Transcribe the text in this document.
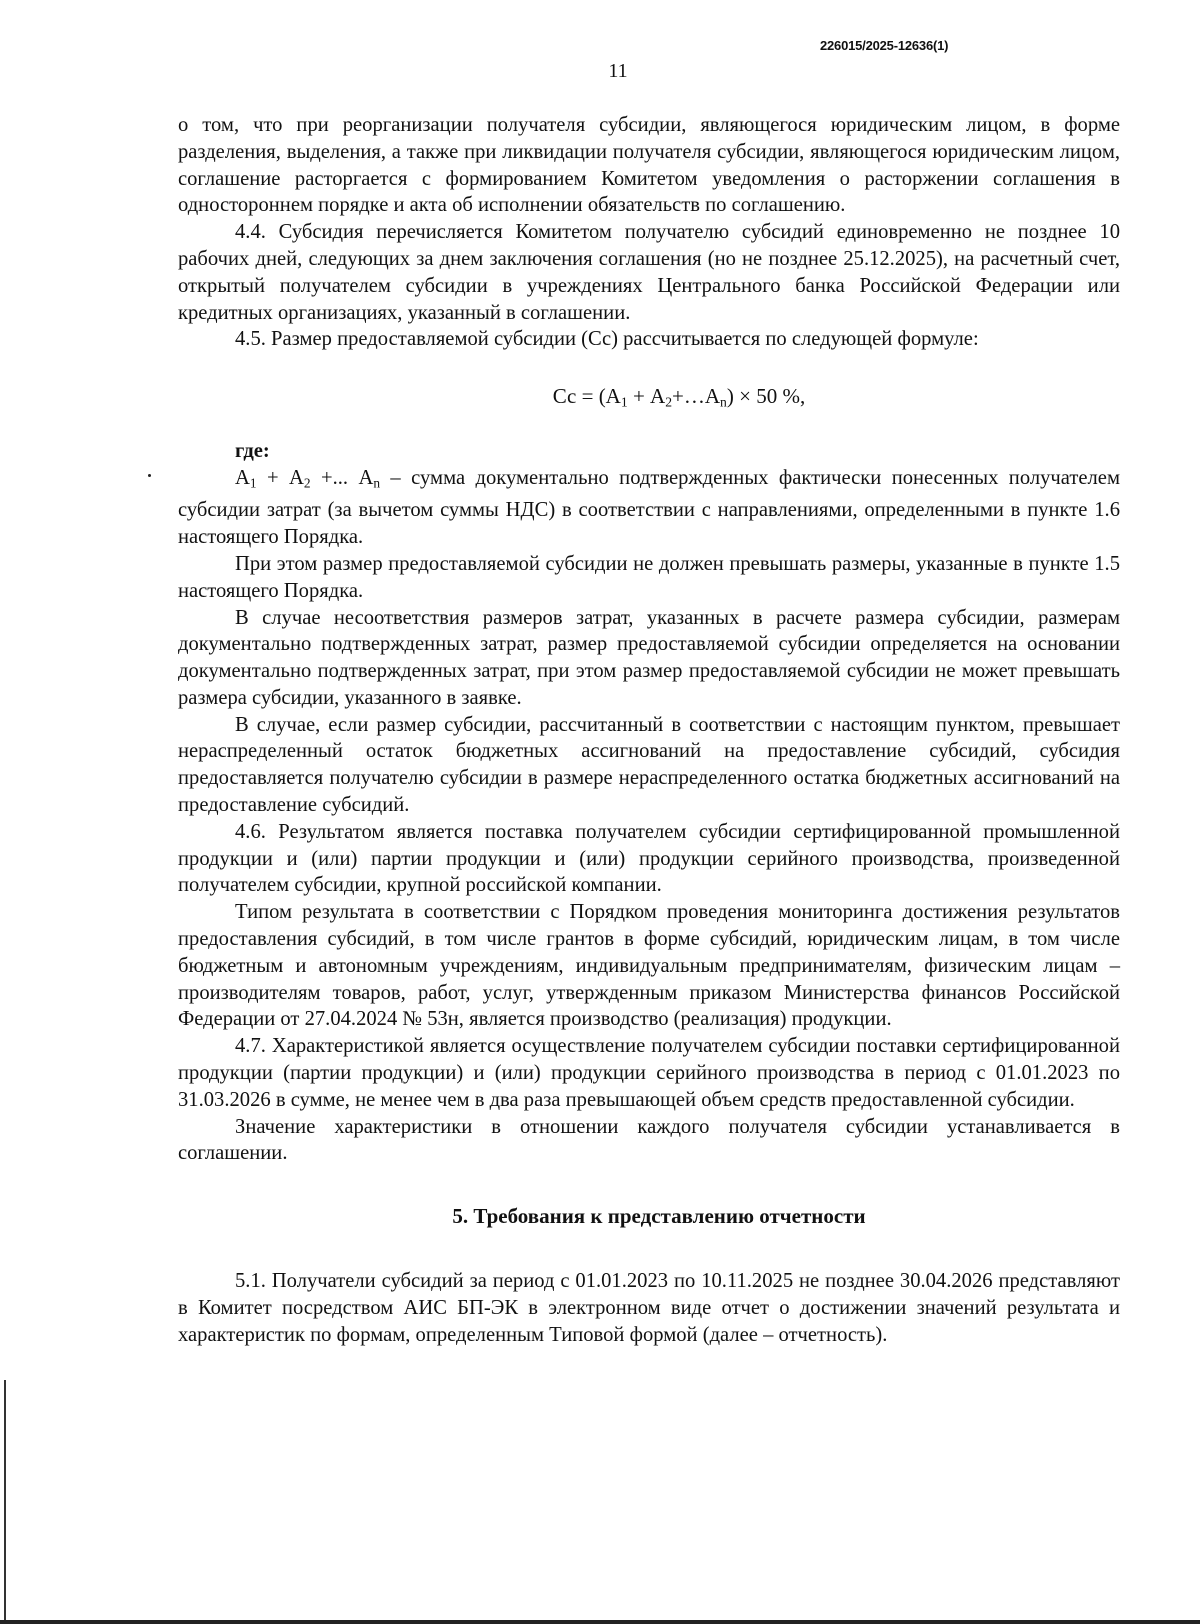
226015/2025-12636(1)
11

о том, что при реорганизации получателя субсидии, являющегося юридическим лицом, в форме разделения, выделения, а также при ликвидации получателя субсидии, являющегося юридическим лицом, соглашение расторгается с формированием Комитетом уведомления о расторжении соглашения в одностороннем порядке и акта об исполнении обязательств по соглашению.

4.4. Субсидия перечисляется Комитетом получателю субсидий единовременно не позднее 10 рабочих дней, следующих за днем заключения соглашения (но не позднее 25.12.2025), на расчетный счет, открытый получателем субсидии в учреждениях Центрального банка Российской Федерации или кредитных организациях, указанный в соглашении.

4.5. Размер предоставляемой субсидии (Сс) рассчитывается по следующей формуле:

Сс = ($А_1$ + $А_2+\dots А_n) \times 50$ %,
где:

$А_1 + А_2$ +... $А_n$ – сумма документально подтвержденных фактически понесенных получателем субсидии затрат (за вычетом суммы НДС) в соответствии с направлениями, определенными в пункте 1.6 настоящего Порядка.

При этом размер предоставляемой субсидии не должен превышать размеры, указанные в пункте 1.5 настоящего Порядка.

В случае несоответствия размеров затрат, указанных в расчете размера субсидии, размерам документально подтвержденных затрат, размер предоставляемой субсидии определяется на основании документально подтвержденных затрат, при этом размер предоставляемой субсидии не может превышать размера субсидии, указанного в заявке.

В случае, если размер субсидии, рассчитанный в соответствии с настоящим пунктом, превышает нераспределенный остаток бюджетных ассигнований на предоставление субсидий, субсидия предоставляется получателю субсидии в размере нераспределенного остатка бюджетных ассигнований на предоставление субсидий.

4.6. Результатом является поставка получателем субсидии сертифицированной промышленной продукции и (или) партии продукции и (или) продукции серийного производства, произведенной получателем субсидии, крупной российской компании.

Типом результата в соответствии с Порядком проведения мониторинга достижения результатов предоставления субсидий, в том числе грантов в форме субсидий, юридическим лицам, в том числе бюджетным и автономным учреждениям, индивидуальным предпринимателям, физическим лицам – производителям товаров, работ, услуг, утвержденным приказом Министерства финансов Российской Федерации от 27.04.2024 № 53н, является производство (реализация) продукции.

4.7. Характеристикой является осуществление получателем субсидии поставки сертифицированной продукции (партии продукции) и (или) продукции серийного производства в период с 01.01.2023 по 31.03.2026 в сумме, не менее чем в два раза превышающей объем средств предоставленной субсидии.

Значение характеристики в отношении каждого получателя субсидии устанавливается в соглашении.

5. Требования к представлению отчетности

5.1. Получатели субсидий за период с 01.01.2023 по 10.11.2025 не позднее 30.04.2026 представляют в Комитет посредством АИС БП-ЭК в электронном виде отчет о достижении значений результата и характеристик по формам, определенным Типовой формой (далее – отчетность).
